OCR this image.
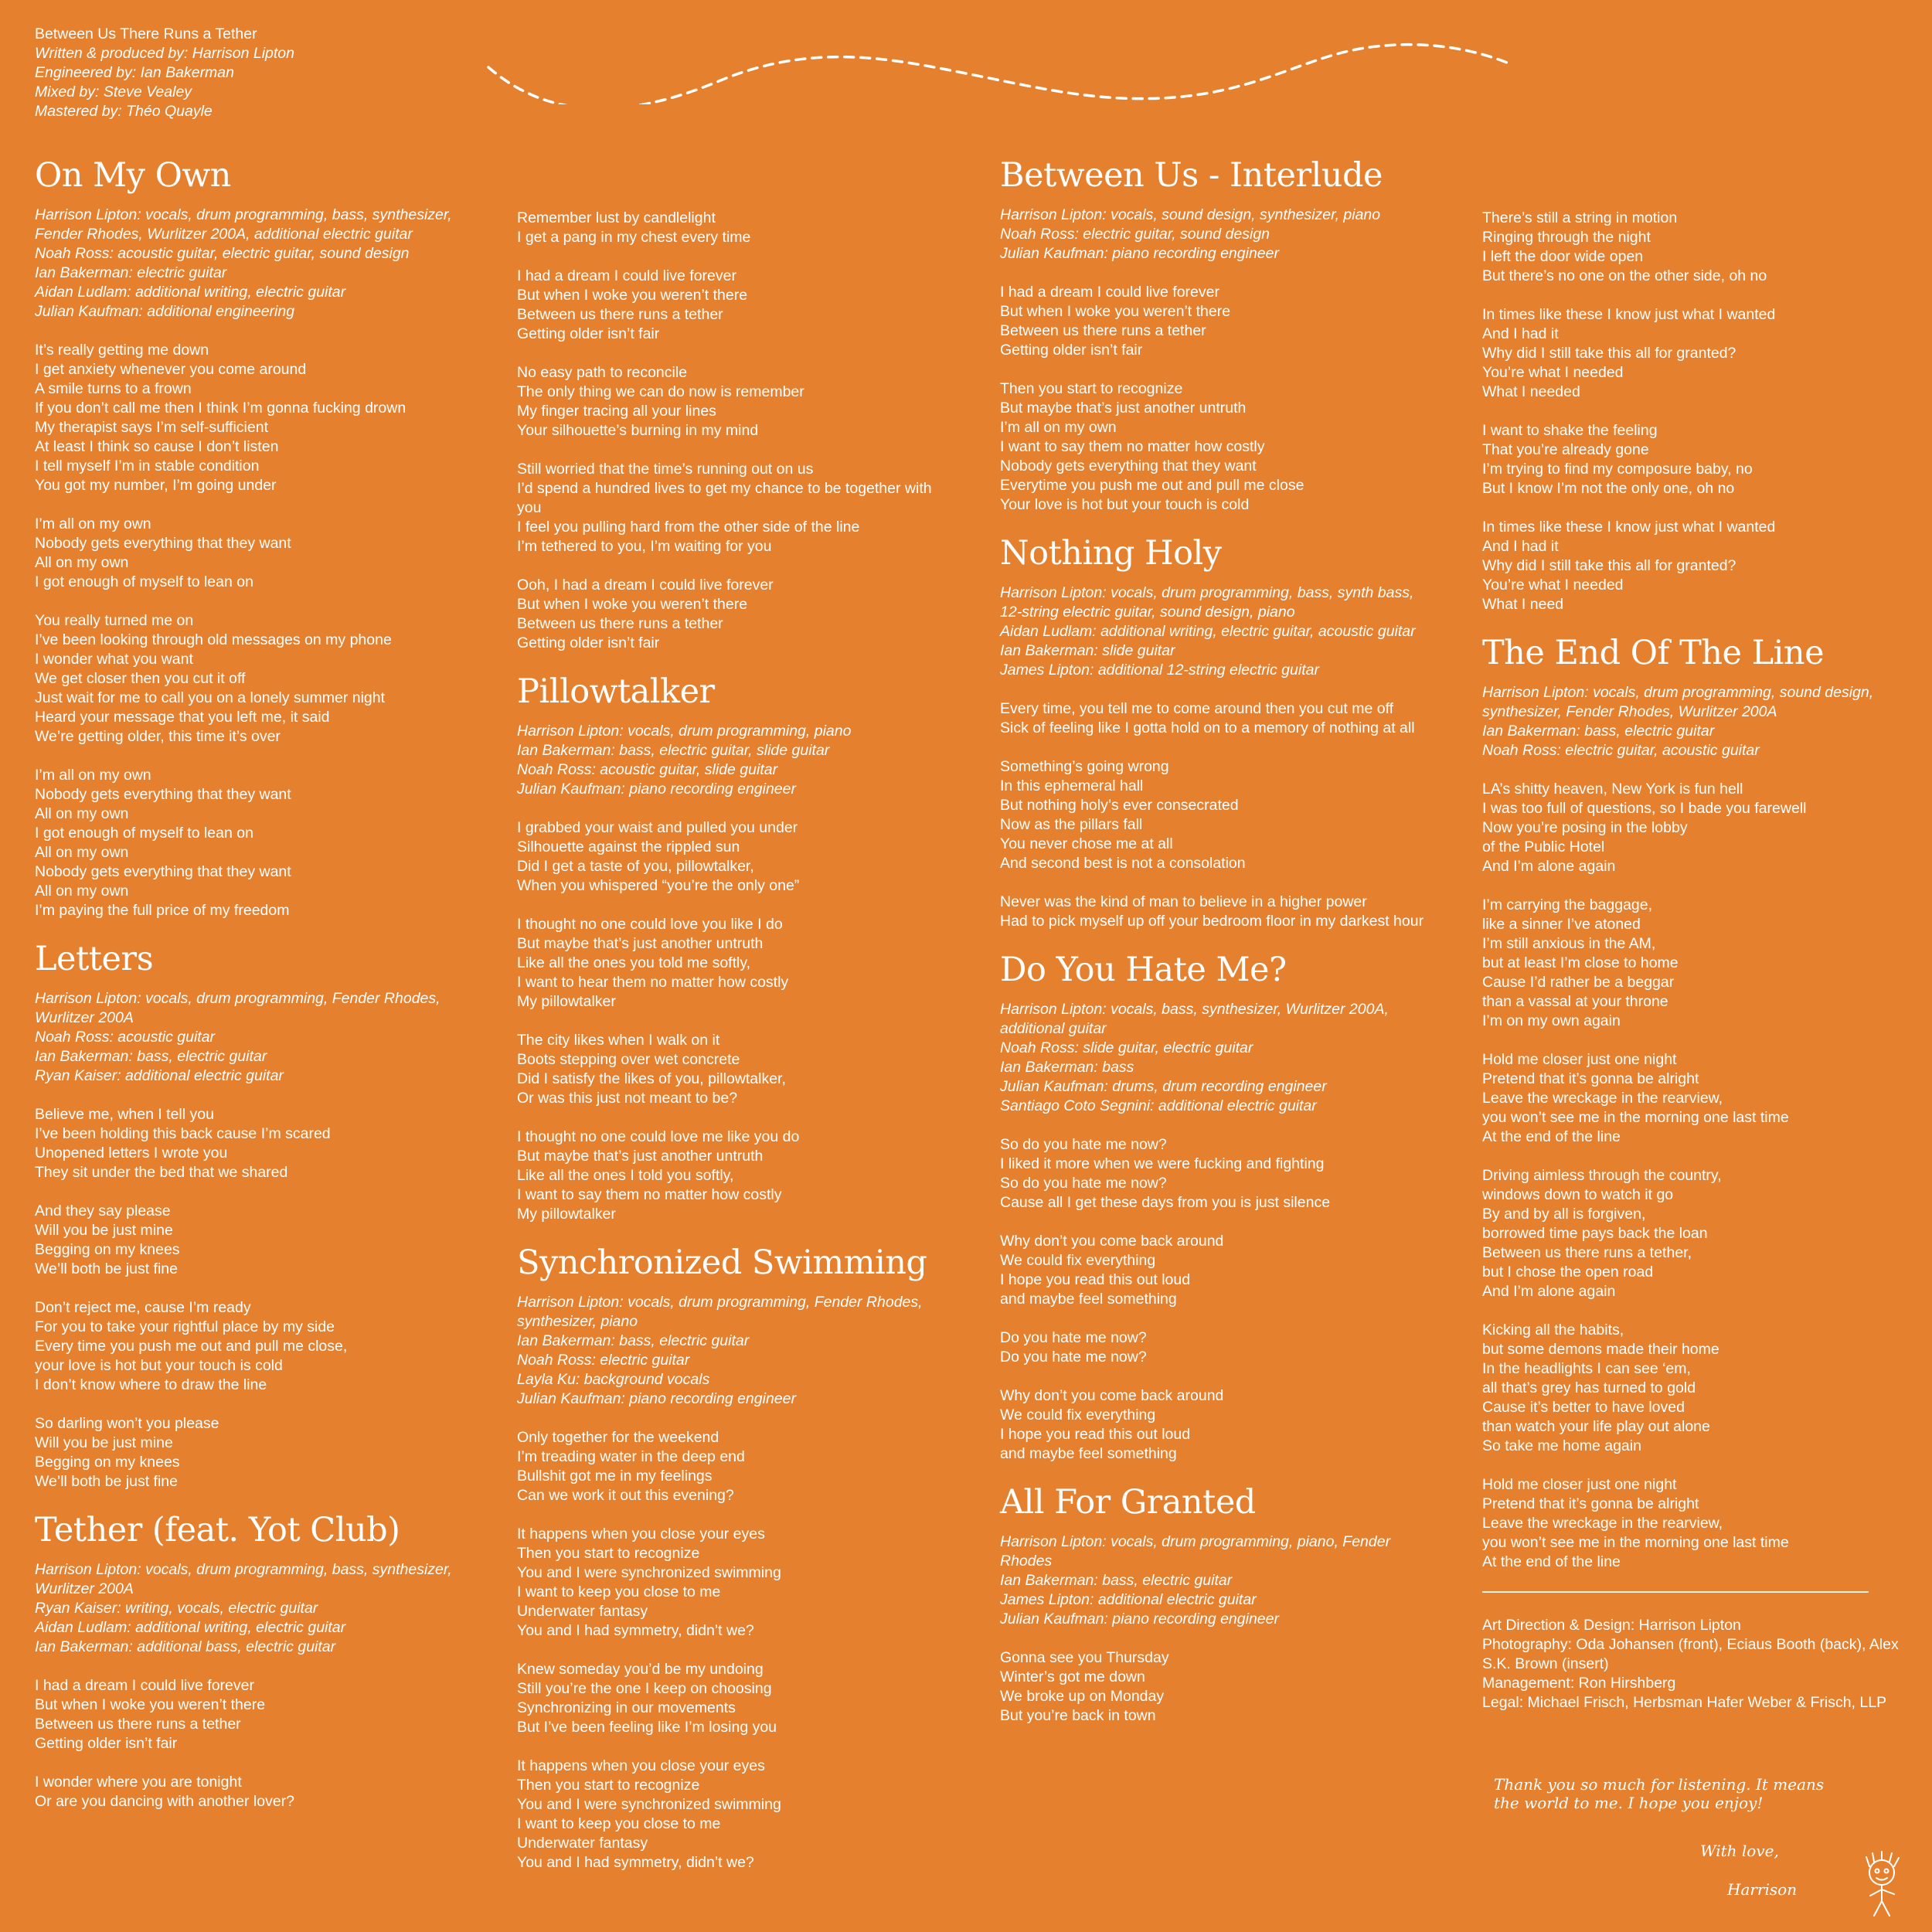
Between Us There Runs a Tether
Written & produced by: Harrison Lipton
Engineered by: Ian Bakerman
Mixed by: Steve Vealey
Mastered by: Théo Quayle
On My Own
Harrison Lipton: vocals, drum programming, bass, synthesizer, Fender Rhodes, Wurlitzer 200A, additional electric guitar
Noah Ross: acoustic guitar, electric guitar, sound design
Ian Bakerman: electric guitar
Aidan Ludlam: additional writing, electric guitar
Julian Kaufman: additional engineering
It’s really getting me down
I get anxiety whenever you come around
A smile turns to a frown
If you don’t call me then I think I’m gonna fucking drown
My therapist says I’m self-sufficient
At least I think so cause I don’t listen
I tell myself I’m in stable condition
You got my number, I’m going under
I’m all on my own
Nobody gets everything that they want
All on my own
I got enough of myself to lean on
You really turned me on
I’ve been looking through old messages on my phone
I wonder what you want
We get closer then you cut it off
Just wait for me to call you on a lonely summer night
Heard your message that you left me, it said
We’re getting older, this time it’s over
I’m all on my own
Nobody gets everything that they want
All on my own
I got enough of myself to lean on
All on my own
Nobody gets everything that they want
All on my own
I’m paying the full price of my freedom
Letters
Harrison Lipton: vocals, drum programming, Fender Rhodes, Wurlitzer 200A
Noah Ross: acoustic guitar
Ian Bakerman: bass, electric guitar
Ryan Kaiser: additional electric guitar
Believe me, when I tell you
I’ve been holding this back cause I’m scared
Unopened letters I wrote you
They sit under the bed that we shared
And they say please
Will you be just mine
Begging on my knees
We’ll both be just fine
Don’t reject me, cause I’m ready
For you to take your rightful place by my side
Every time you push me out and pull me close,
your love is hot but your touch is cold
I don’t know where to draw the line
So darling won’t you please
Will you be just mine
Begging on my knees
We’ll both be just fine
Tether (feat. Yot Club)
Harrison Lipton: vocals, drum programming, bass, synthesizer, Wurlitzer 200A
Ryan Kaiser: writing, vocals, electric guitar
Aidan Ludlam: additional writing, electric guitar
Ian Bakerman: additional bass, electric guitar
I had a dream I could live forever
But when I woke you weren’t there
Between us there runs a tether
Getting older isn’t fair
I wonder where you are tonight
Or are you dancing with another lover?
Remember lust by candlelight
I get a pang in my chest every time
I had a dream I could live forever
But when I woke you weren’t there
Between us there runs a tether
Getting older isn’t fair
No easy path to reconcile
The only thing we can do now is remember
My finger tracing all your lines
Your silhouette’s burning in my mind
Still worried that the time’s running out on us
I’d spend a hundred lives to get my chance to be together with you
I feel you pulling hard from the other side of the line
I’m tethered to you, I’m waiting for you
Ooh, I had a dream I could live forever
But when I woke you weren’t there
Between us there runs a tether
Getting older isn’t fair
Pillowtalker
Harrison Lipton: vocals, drum programming, piano
Ian Bakerman: bass, electric guitar, slide guitar
Noah Ross: acoustic guitar, slide guitar
Julian Kaufman: piano recording engineer
I grabbed your waist and pulled you under
Silhouette against the rippled sun
Did I get a taste of you, pillowtalker,
When you whispered “you’re the only one”
I thought no one could love you like I do
But maybe that’s just another untruth
Like all the ones you told me softly,
I want to hear them no matter how costly
My pillowtalker
The city likes when I walk on it
Boots stepping over wet concrete
Did I satisfy the likes of you, pillowtalker,
Or was this just not meant to be?
I thought no one could love me like you do
But maybe that’s just another untruth
Like all the ones I told you softly,
I want to say them no matter how costly
My pillowtalker
Synchronized Swimming
Harrison Lipton: vocals, drum programming, Fender Rhodes, synthesizer, piano
Ian Bakerman: bass, electric guitar
Noah Ross: electric guitar
Layla Ku: background vocals
Julian Kaufman: piano recording engineer
Only together for the weekend
I’m treading water in the deep end
Bullshit got me in my feelings
Can we work it out this evening?
It happens when you close your eyes
Then you start to recognize
You and I were synchronized swimming
I want to keep you close to me
Underwater fantasy
You and I had symmetry, didn’t we?
Knew someday you’d be my undoing
Still you’re the one I keep on choosing
Synchronizing in our movements
But I’ve been feeling like I’m losing you
It happens when you close your eyes
Then you start to recognize
You and I were synchronized swimming
I want to keep you close to me
Underwater fantasy
You and I had symmetry, didn’t we?
Between Us - Interlude
Harrison Lipton: vocals, sound design, synthesizer, piano
Noah Ross: electric guitar, sound design
Julian Kaufman: piano recording engineer
I had a dream I could live forever
But when I woke you weren’t there
Between us there runs a tether
Getting older isn’t fair
Then you start to recognize
But maybe that’s just another untruth
I’m all on my own
I want to say them no matter how costly
Nobody gets everything that they want
Everytime you push me out and pull me close
Your love is hot but your touch is cold
Nothing Holy
Harrison Lipton: vocals, drum programming, bass, synth bass, 12-string electric guitar, sound design, piano
Aidan Ludlam: additional writing, electric guitar, acoustic guitar
Ian Bakerman: slide guitar
James Lipton: additional 12-string electric guitar
Every time, you tell me to come around then you cut me off
Sick of feeling like I gotta hold on to a memory of nothing at all
Something’s going wrong
In this ephemeral hall
But nothing holy’s ever consecrated
Now as the pillars fall
You never chose me at all
And second best is not a consolation
Never was the kind of man to believe in a higher power
Had to pick myself up off your bedroom floor in my darkest hour
Do You Hate Me?
Harrison Lipton: vocals, bass, synthesizer, Wurlitzer 200A, additional guitar
Noah Ross: slide guitar, electric guitar
Ian Bakerman: bass
Julian Kaufman: drums, drum recording engineer
Santiago Coto Segnini: additional electric guitar
So do you hate me now?
I liked it more when we were fucking and fighting
So do you hate me now?
Cause all I get these days from you is just silence
Why don’t you come back around
We could fix everything
I hope you read this out loud
and maybe feel something
Do you hate me now?
Do you hate me now?
Why don’t you come back around
We could fix everything
I hope you read this out loud
and maybe feel something
All For Granted
Harrison Lipton: vocals, drum programming, piano, Fender Rhodes
Ian Bakerman: bass, electric guitar
James Lipton: additional electric guitar
Julian Kaufman: piano recording engineer
Gonna see you Thursday
Winter’s got me down
We broke up on Monday
But you’re back in town
There’s still a string in motion
Ringing through the night
I left the door wide open
But there’s no one on the other side, oh no
In times like these I know just what I wanted
And I had it
Why did I still take this all for granted?
You’re what I needed
What I needed
I want to shake the feeling
That you’re already gone
I’m trying to find my composure baby, no
But I know I’m not the only one, oh no
In times like these I know just what I wanted
And I had it
Why did I still take this all for granted?
You’re what I needed
What I need
The End Of The Line
Harrison Lipton: vocals, drum programming, sound design, synthesizer, Fender Rhodes, Wurlitzer 200A
Ian Bakerman: bass, electric guitar
Noah Ross: electric guitar, acoustic guitar
LA’s shitty heaven, New York is fun hell
I was too full of questions, so I bade you farewell
Now you’re posing in the lobby
of the Public Hotel
And I’m alone again
I’m carrying the baggage,
like a sinner I’ve atoned
I’m still anxious in the AM,
but at least I’m close to home
Cause I’d rather be a beggar
than a vassal at your throne
I’m on my own again
Hold me closer just one night
Pretend that it’s gonna be alright
Leave the wreckage in the rearview,
you won’t see me in the morning one last time
At the end of the line
Driving aimless through the country,
windows down to watch it go
By and by all is forgiven,
borrowed time pays back the loan
Between us there runs a tether,
but I chose the open road
And I’m alone again
Kicking all the habits,
but some demons made their home
In the headlights I can see ‘em,
all that’s grey has turned to gold
Cause it’s better to have loved
than watch your life play out alone
So take me home again
Hold me closer just one night
Pretend that it’s gonna be alright
Leave the wreckage in the rearview,
you won’t see me in the morning one last time
At the end of the line
Art Direction & Design: Harrison Lipton
Photography: Oda Johansen (front), Eciaus Booth (back), Alex S.K. Brown (insert)
Management: Ron Hirshberg
Legal: Michael Frisch, Herbsman Hafer Weber & Frisch, LLP
Thank you so much for listening. It means
the world to me. I hope you enjoy!
With love,
Harrison
